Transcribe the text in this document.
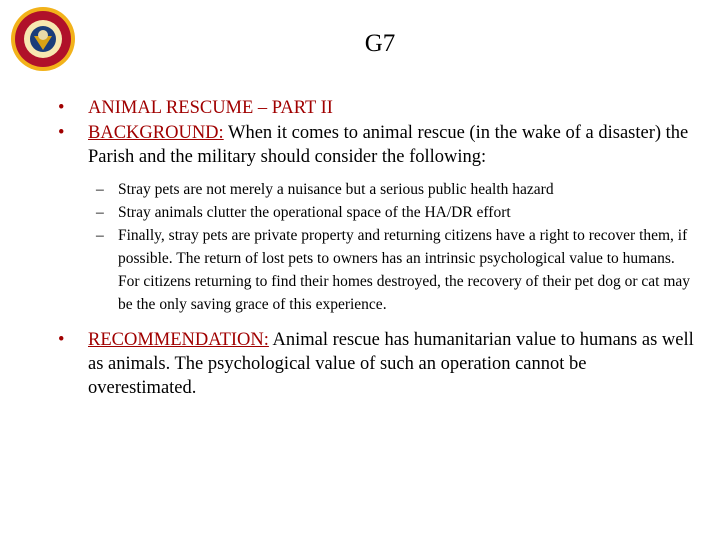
G7
• ANIMAL RESCUME – PART II
• BACKGROUND: When it comes to animal rescue (in the wake of a disaster) the Parish and the military should consider the following:
– Stray pets are not merely a nuisance but a serious public health hazard
– Stray animals clutter the operational space of the HA/DR effort
– Finally, stray pets are private property and returning citizens have a right to recover them, if possible. The return of lost pets to owners has an intrinsic psychological value to humans. For citizens returning to find their homes destroyed, the recovery of their pet dog or cat may be the only saving grace of this experience.
• RECOMMENDATION: Animal rescue has humanitarian value to humans as well as animals. The psychological value of such an operation cannot be overestimated.
